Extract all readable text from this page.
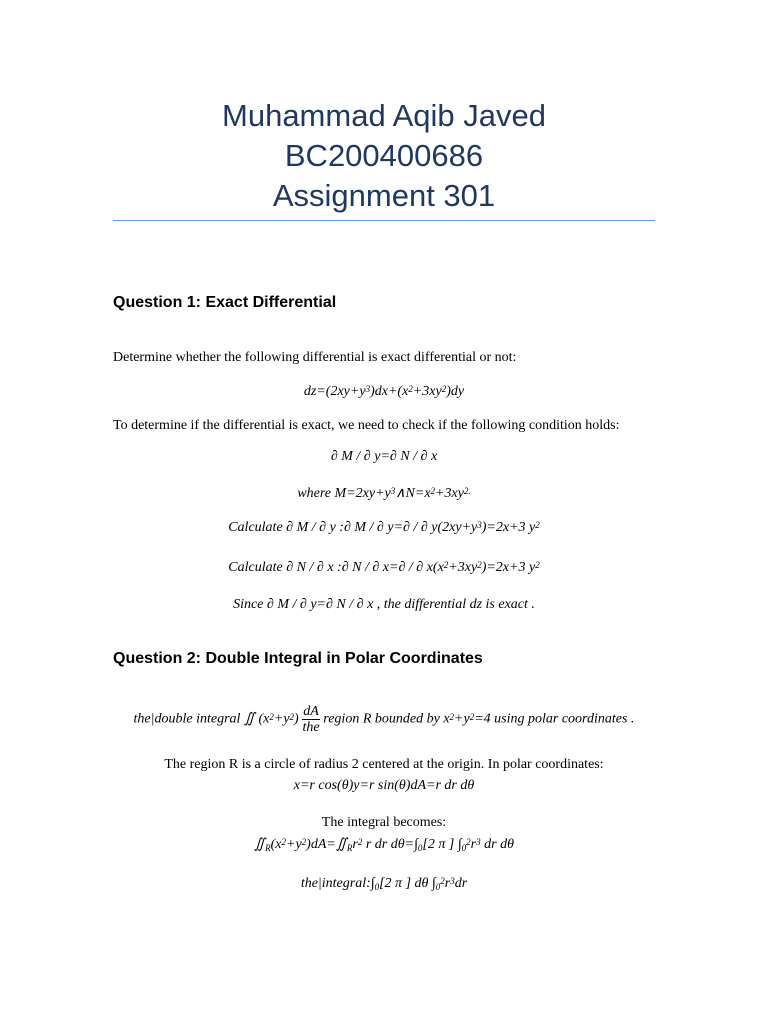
Muhammad Aqib Javed
BC200400686
Assignment 301
Question 1: Exact Differential
Determine whether the following differential is exact differential or not:
$dz=(2xy+y^3)dx+(x^2+3xy^2)dy$
To determine if the differential is exact, we need to check if the following condition holds:
∂ M / ∂ y=∂ N / ∂ x
where $M=2xy+y^3\wedge N=x^2+3xy^{2.}$
Calculate ∂ M / ∂ y :∂ M / ∂ y=∂ / ∂ $y(2xy+y^3)=2x+3$ $y^2$
Calculate ∂ N / ∂ x :∂ N / ∂ x=∂ / ∂ $x(x^2+3xy^2)=2x+3$ $y^2$
Since ∂ M / ∂ y=∂ N / ∂ x , the differential dz is exact .
Question 2: Double Integral in Polar Coordinates
the|double integral ∬ $(x^2+y^2) \frac{dA}{\text{the}}$ region R bounded by $x^2+y^2=4$ using polar coordinates .
The region R is a circle of radius 2 centered at the origin. In polar coordinates:
x=r cos(θ)y=r sin(θ)dA=r dr dθ
The integral becomes:
$∬_R(x^2+y^2)dA=∬_Rr^2$ r dr $d\theta=\int_0[2$ π ] $\int_0^2r^3$ dr dθ
$the|integral:\int_0[2$ π ] dθ $\int_0^2r^3dr$
